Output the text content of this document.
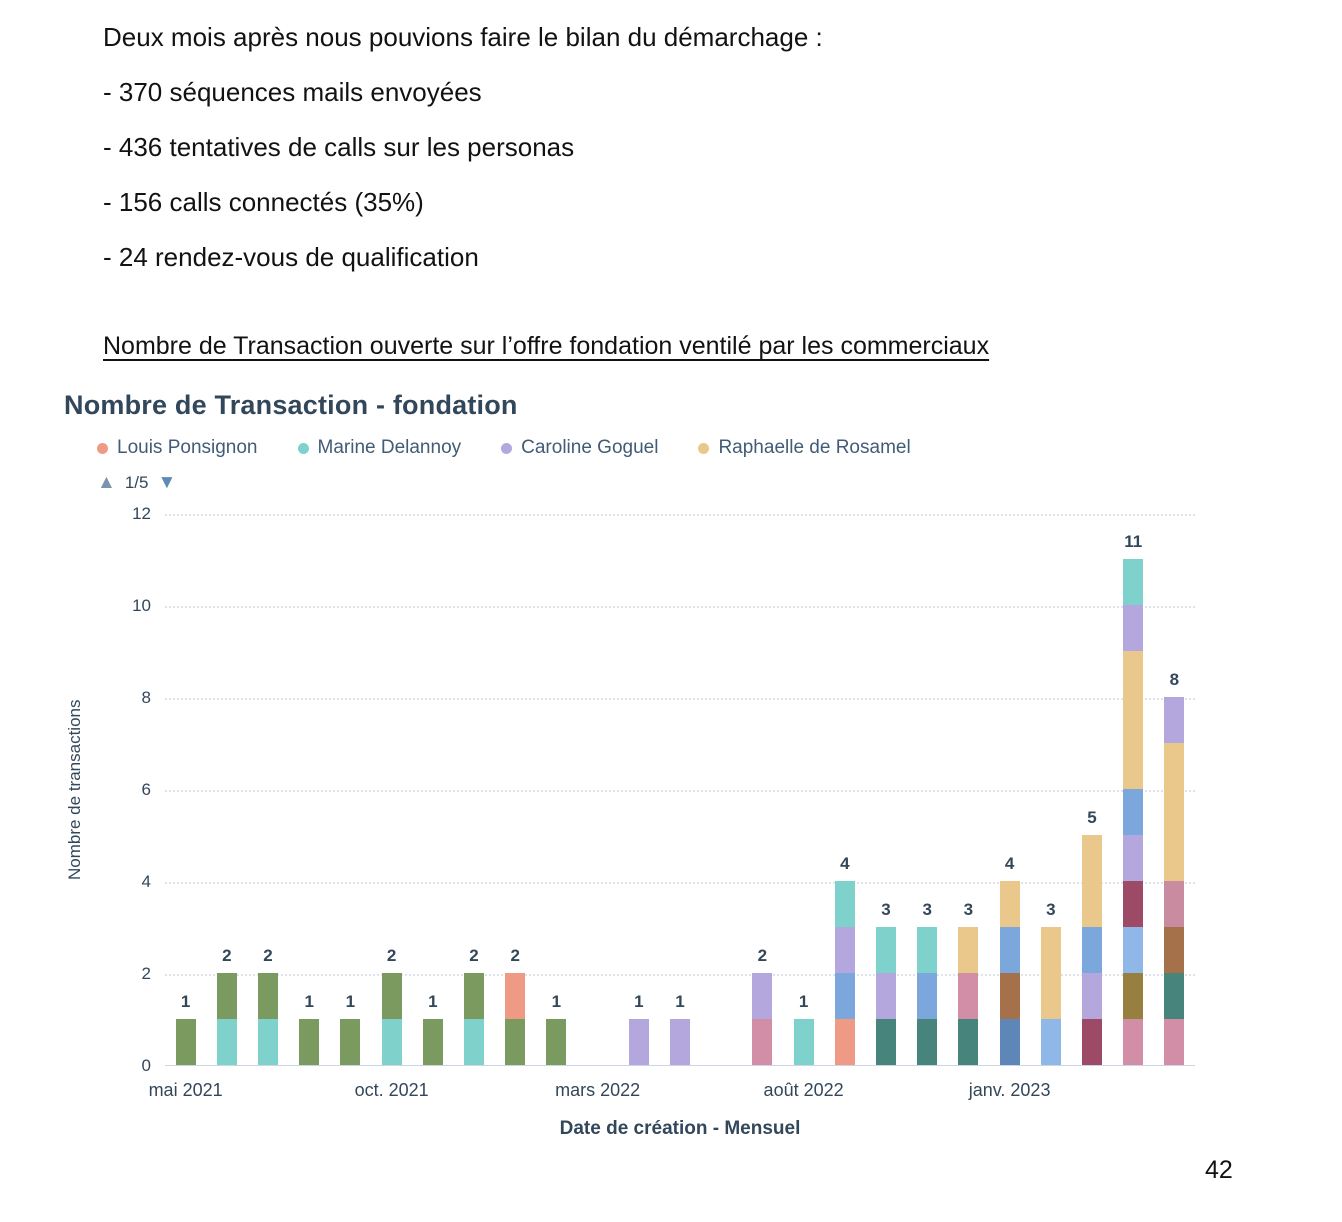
Deux mois après nous pouvions faire le bilan du démarchage :

- 370 séquences mails envoyées

- 436 tentatives de calls sur les personas

- 156 calls connectés (35%)

- 24 rendez-vous de qualification

Nombre de Transaction ouverte sur l’offre fondation ventilé par les commerciaux
Nombre de Transaction - fondation
Louis Ponsignon	Marine Delannoy	Caroline Goguel	Raphaelle de Rosamel
▲ 1/5 ▼
Nombre de transactions
0
2
4
6
8
10
12
1
2 2
1 1
2
1
2 2
1	1 1
2
1
4
3 3 3
4
3
5
11
8
mai 2021	oct. 2021	mars 2022	août 2022	janv. 2023
Date de création - Mensuel
42
